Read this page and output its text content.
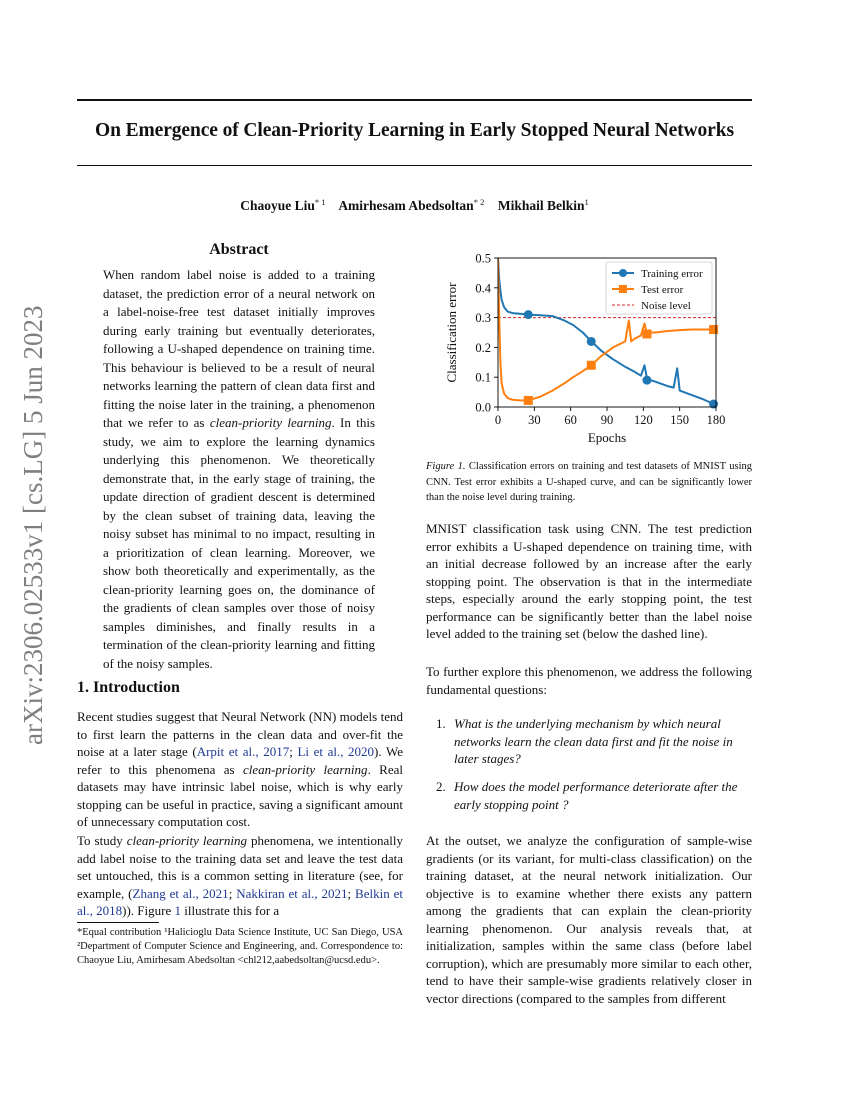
On Emergence of Clean-Priority Learning in Early Stopped Neural Networks
Chaoyue Liu$^{* 1}$ Amirhesam Abedsoltan$^{* 2}$ Mikhail Belkin$^1$
arXiv:2306.02533v1 [cs.LG] 5 Jun 2023
Abstract

When random label noise is added to a training dataset, the prediction error of a neural network on a label-noise-free test dataset initially improves during early training but eventually deteriorates, following a U-shaped dependence on training time. This behaviour is believed to be a result of neural networks learning the pattern of clean data first and fitting the noise later in the training, a phenomenon that we refer to as clean-priority learning. In this study, we aim to explore the learning dynamics underlying this phenomenon. We theoretically demonstrate that, in the early stage of training, the update direction of gradient descent is determined by the clean subset of training data, leaving the noisy subset has minimal to no impact, resulting in a prioritization of clean learning. Moreover, we show both theoretically and experimentally, as the clean-priority learning goes on, the dominance of the gradients of clean samples over those of noisy samples diminishes, and finally results in a termination of the clean-priority learning and fitting of the noisy samples.

1. Introduction

Recent studies suggest that Neural Network (NN) models tend to first learn the patterns in the clean data and over-fit the noise at a later stage (Arpit et al., 2017; Li et al., 2020). We refer to this phenomena as clean-priority learning. Real datasets may have intrinsic label noise, which is why early stopping can be useful in practice, saving a significant amount of unnecessary computation cost.

To study clean-priority learning phenomena, we intentionally add label noise to the training data set and leave the test data set untouched, this is a common setting in literature (see, for example, (Zhang et al., 2021; Nakkiran et al., 2021; Belkin et al., 2018)). Figure 1 illustrate this for a

*Equal contribution ¹Halicioglu Data Science Institute, UC San Diego, USA ²Department of Computer Science and Engineering, and. Correspondence to: Chaoyue Liu, Amirhesam Abedsoltan <chl212,aabedsoltan@ucsd.edu>.

0 30 60 90 120 150 180
0.0
0.1
0.2
0.3
0.4
0.5
Epochs
Classification error
Training error
Test error
Noise level

Figure 1. Classification errors on training and test datasets of MNIST using CNN. Test error exhibits a U-shaped curve, and can be significantly lower than the noise level during training.

MNIST classification task using CNN. The test prediction error exhibits a U-shaped dependence on training time, with an initial decrease followed by an increase after the early stopping point. The observation is that in the intermediate steps, especially around the early stopping point, the test performance can be significantly better than the label noise level added to the training set (below the dashed line).

To further explore this phenomenon, we address the following fundamental questions:

1. What is the underlying mechanism by which neural networks learn the clean data first and fit the noise in later stages?
2. How does the model performance deteriorate after the early stopping point ?

At the outset, we analyze the configuration of sample-wise gradients (or its variant, for multi-class classification) on the training dataset, at the neural network initialization. Our objective is to examine whether there exists any pattern among the gradients that can explain the clean-priority learning phenomenon. Our analysis reveals that, at initialization, samples within the same class (before label corruption), which are presumably more similar to each other, tend to have their sample-wise gradients relatively closer in vector directions (compared to the samples from different
